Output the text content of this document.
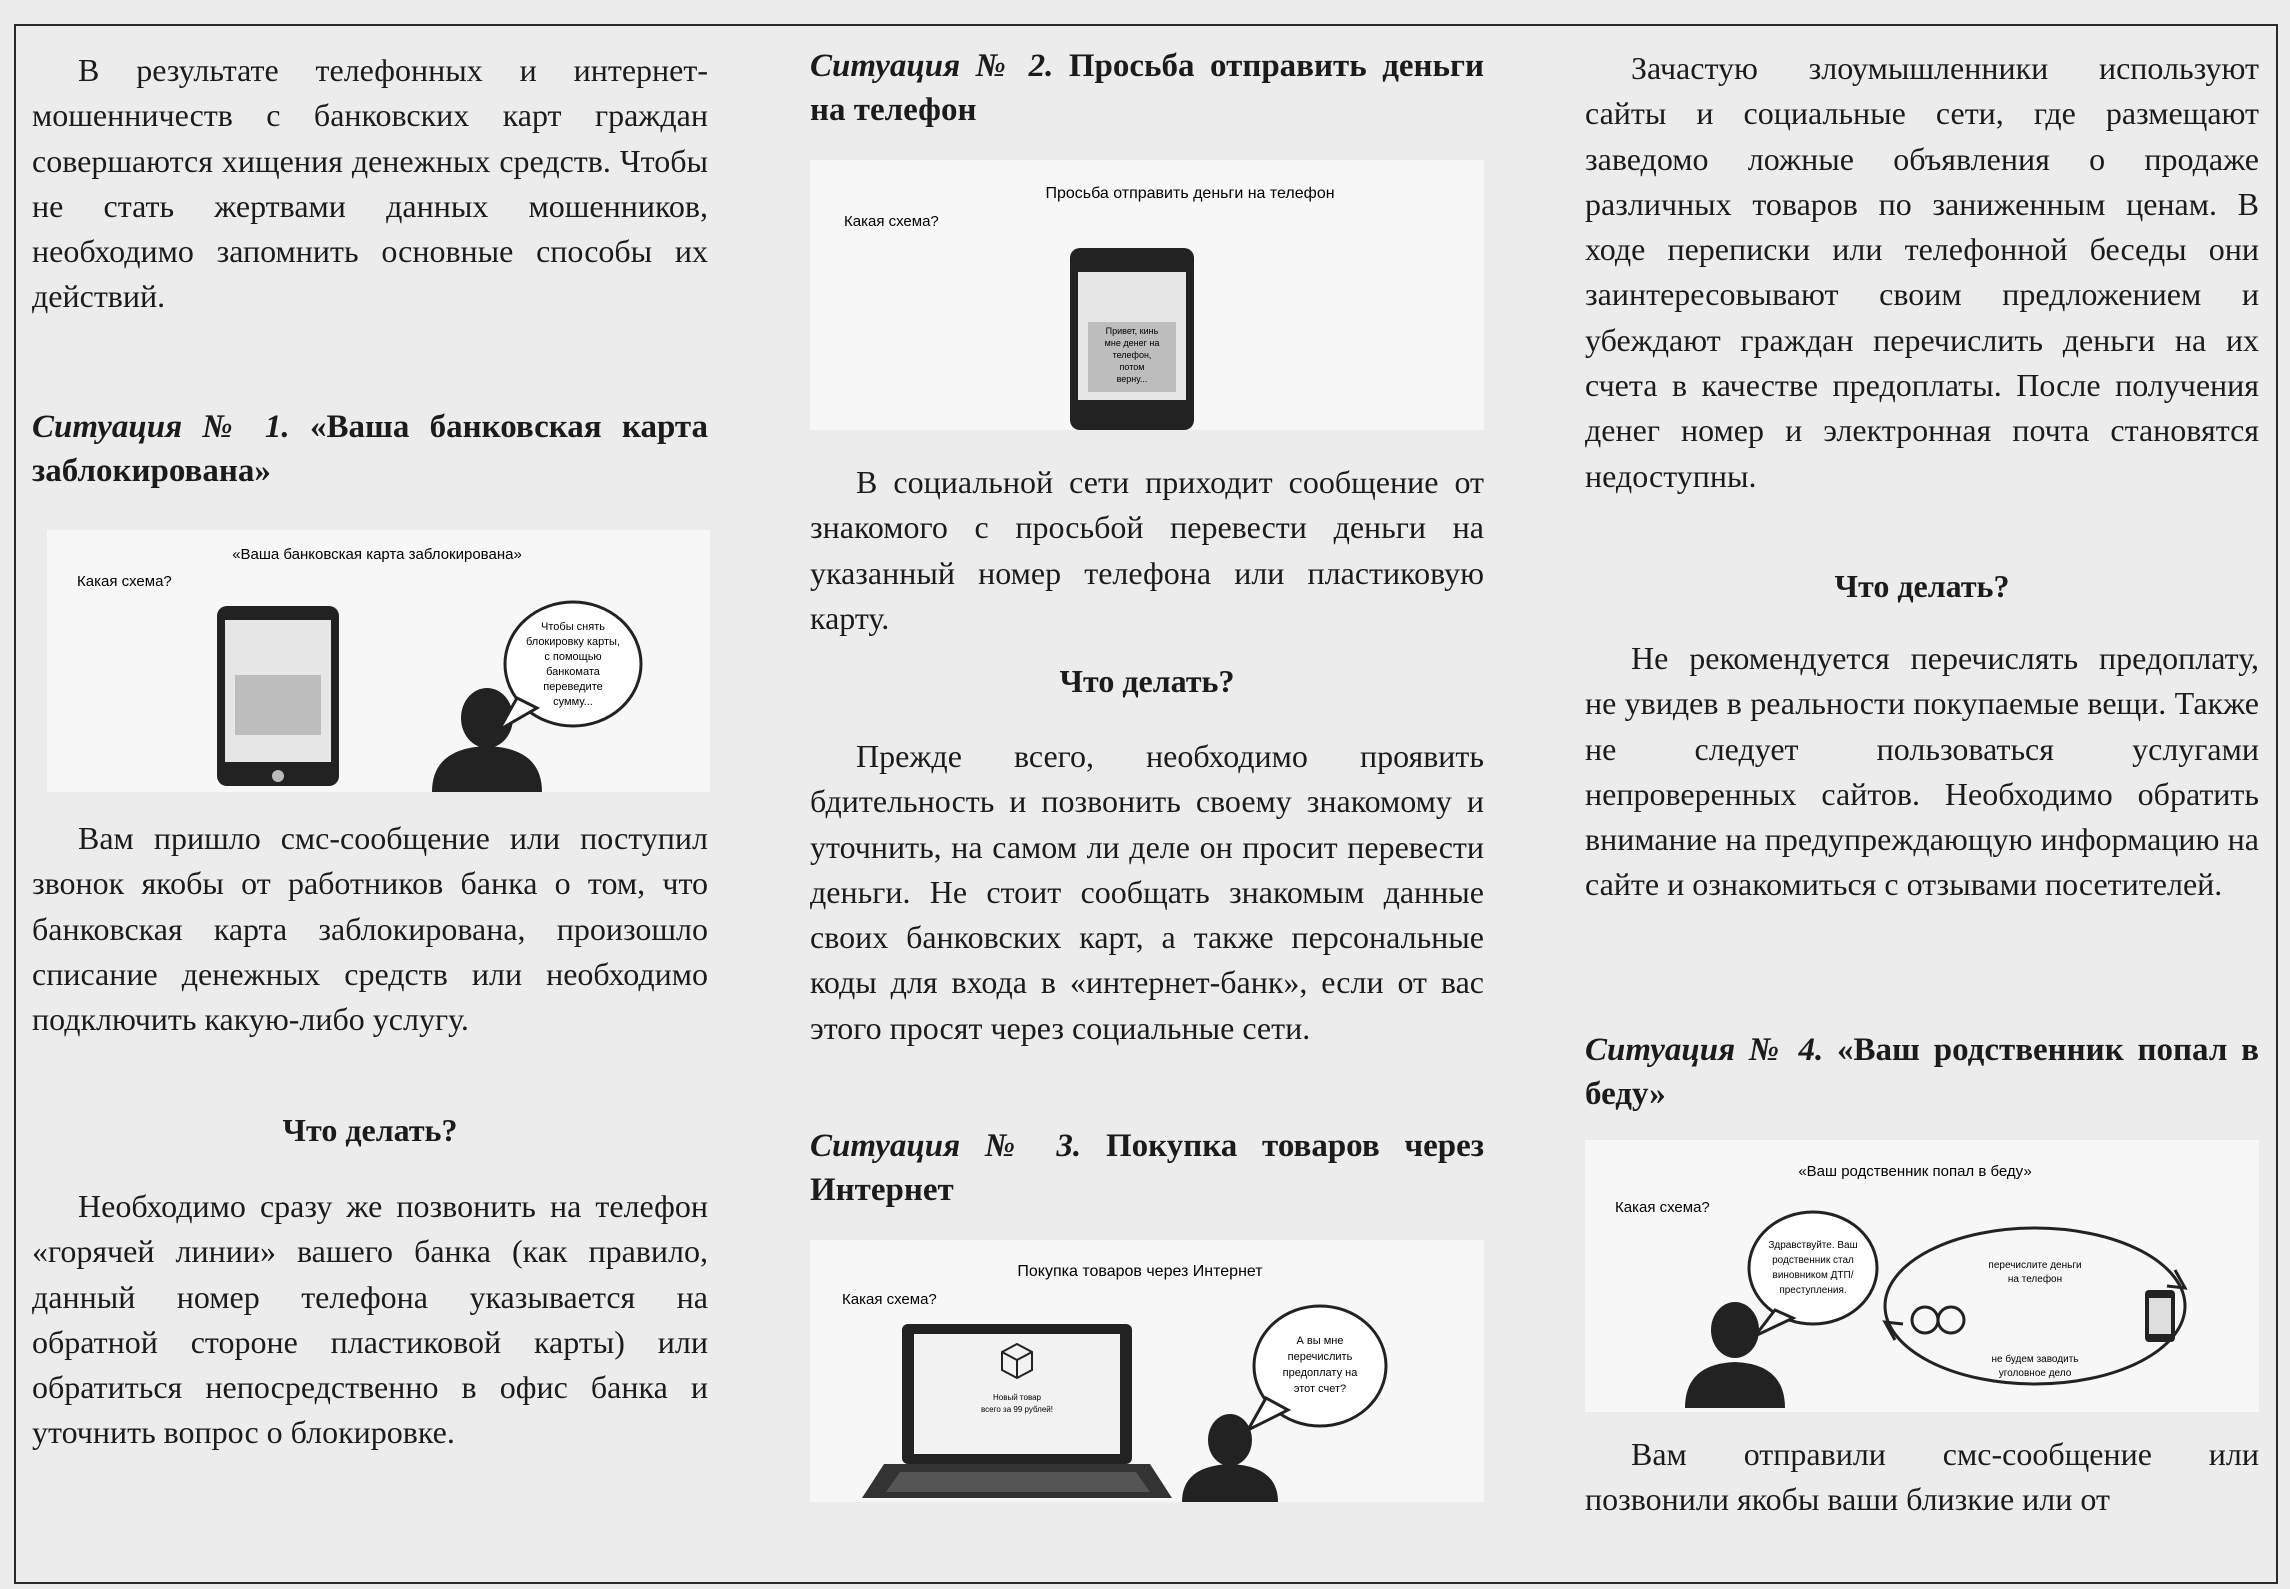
В результате телефонных и интернет-мошенничеств с банковских карт граждан совершаются хищения денежных средств. Чтобы не стать жертвами данных мошенников, необходимо запомнить основные способы их действий.

Ситуация № 1. «Ваша банковская карта заблокирована»

«Ваша банковская карта заблокирована»
Какая схема?
Чтобы снять
блокировку карты,
с помощью
банкомата
переведите
сумму...

Вам пришло смс-сообщение или поступил звонок якобы от работников банка о том, что банковская карта заблокирована, произошло списание денежных средств или необходимо подключить какую-либо услугу.

Что делать?

Необходимо сразу же позвонить на телефон «горячей линии» вашего банка (как правило, данный номер телефона указывается на обратной стороне пластиковой карты) или обратиться непосредственно в офис банка и уточнить вопрос о блокировке.

Ситуация № 2. Просьба отправить деньги на телефон

Просьба отправить деньги на телефон
Какая схема?
Привет, кинь
мне денег на
телефон,
потом
верну...

В социальной сети приходит сообщение от знакомого с просьбой перевести деньги на указанный номер телефона или пластиковую карту.

Что делать?

Прежде всего, необходимо проявить бдительность и позвонить своему знакомому и уточнить, на самом ли деле он просит перевести деньги. Не стоит сообщать знакомым данные своих банковских карт, а также персональные коды для входа в «интернет-банк», если от вас этого просят через социальные сети.

Ситуация № 3. Покупка товаров через Интернет

Покупка товаров через Интернет
Какая схема?
Новый товар
всего за 99 рублей!
А вы мне
перечислить
предоплату на
этот счет?

Зачастую злоумышленники используют сайты и социальные сети, где размещают заведомо ложные объявления о продаже различных товаров по заниженным ценам. В ходе переписки или телефонной беседы они заинтересовывают своим предложением и убеждают граждан перечислить деньги на их счета в качестве предоплаты. После получения денег номер и электронная почта становятся недоступны.

Что делать?

Не рекомендуется перечислять предоплату, не увидев в реальности покупаемые вещи. Также не следует пользоваться услугами непроверенных сайтов. Необходимо обратить внимание на предупреждающую информацию на сайте и ознакомиться с отзывами посетителей.

Ситуация № 4. «Ваш родственник попал в беду»

«Ваш родственник попал в беду»
Какая схема?
Здравствуйте. Ваш
родственник стал
виновником ДТП/
преступления.
перечислите деньги
на телефон
не будем заводить
уголовное дело

Вам отправили смс-сообщение или позвонили якобы ваши близкие или от
